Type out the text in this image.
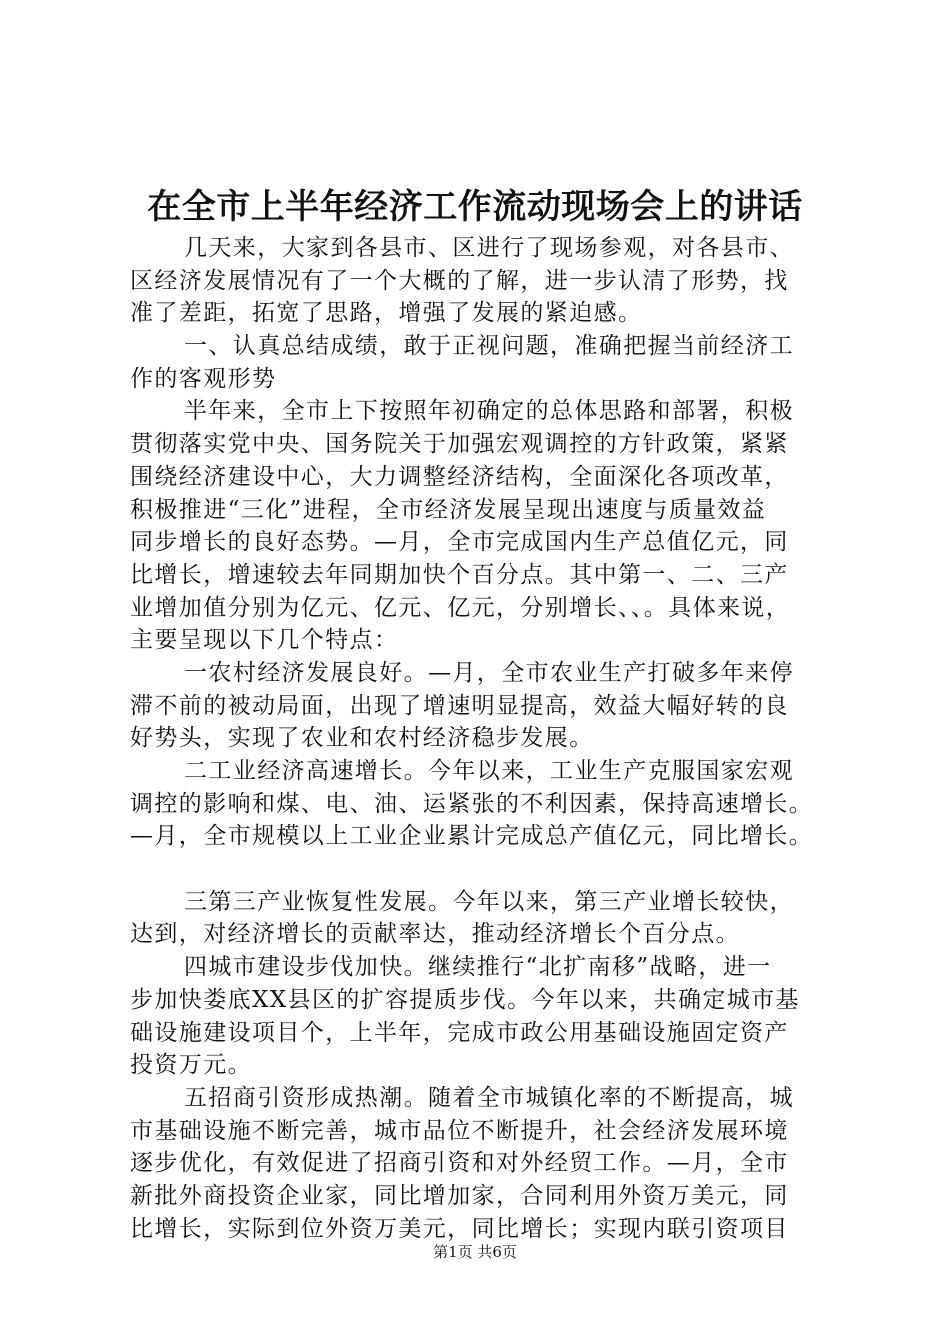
在全市上半年经济工作流动现场会上的讲话
几天来，大家到各县市、区进行了现场参观，对各县市、
区经济发展情况有了一个大概的了解，进一步认清了形势，找
准了差距，拓宽了思路，增强了发展的紧迫感。
一、认真总结成绩，敢于正视问题，准确把握当前经济工
作的客观形势
半年来，全市上下按照年初确定的总体思路和部署，积极
贯彻落实党中央、国务院关于加强宏观调控的方针政策，紧紧
围绕经济建设中心，大力调整经济结构，全面深化各项改革，
积极推进“三化”进程，全市经济发展呈现出速度与质量效益
同步增长的良好态势。—月，全市完成国内生产总值亿元，同
比增长，增速较去年同期加快个百分点。其中第一、二、三产
业增加值分别为亿元、亿元、亿元，分别增长、、。具体来说，
主要呈现以下几个特点：
一农村经济发展良好。—月，全市农业生产打破多年来停
滞不前的被动局面，出现了增速明显提高，效益大幅好转的良
好势头，实现了农业和农村经济稳步发展。
二工业经济高速增长。今年以来，工业生产克服国家宏观
调控的影响和煤、电、油、运紧张的不利因素，保持高速增长。
—月，全市规模以上工业企业累计完成总产值亿元，同比增长。
三第三产业恢复性发展。今年以来，第三产业增长较快，
达到，对经济增长的贡献率达，推动经济增长个百分点。
四城市建设步伐加快。继续推行“北扩南移”战略，进一
步加快娄底XX县区的扩容提质步伐。今年以来，共确定城市基
础设施建设项目个，上半年，完成市政公用基础设施固定资产
投资万元。
五招商引资形成热潮。随着全市城镇化率的不断提高，城
市基础设施不断完善，城市品位不断提升，社会经济发展环境
逐步优化，有效促进了招商引资和对外经贸工作。—月，全市
新批外商投资企业家，同比增加家，合同利用外资万美元，同
比增长，实际到位外资万美元，同比增长；实现内联引资项目
第1页 共6页
